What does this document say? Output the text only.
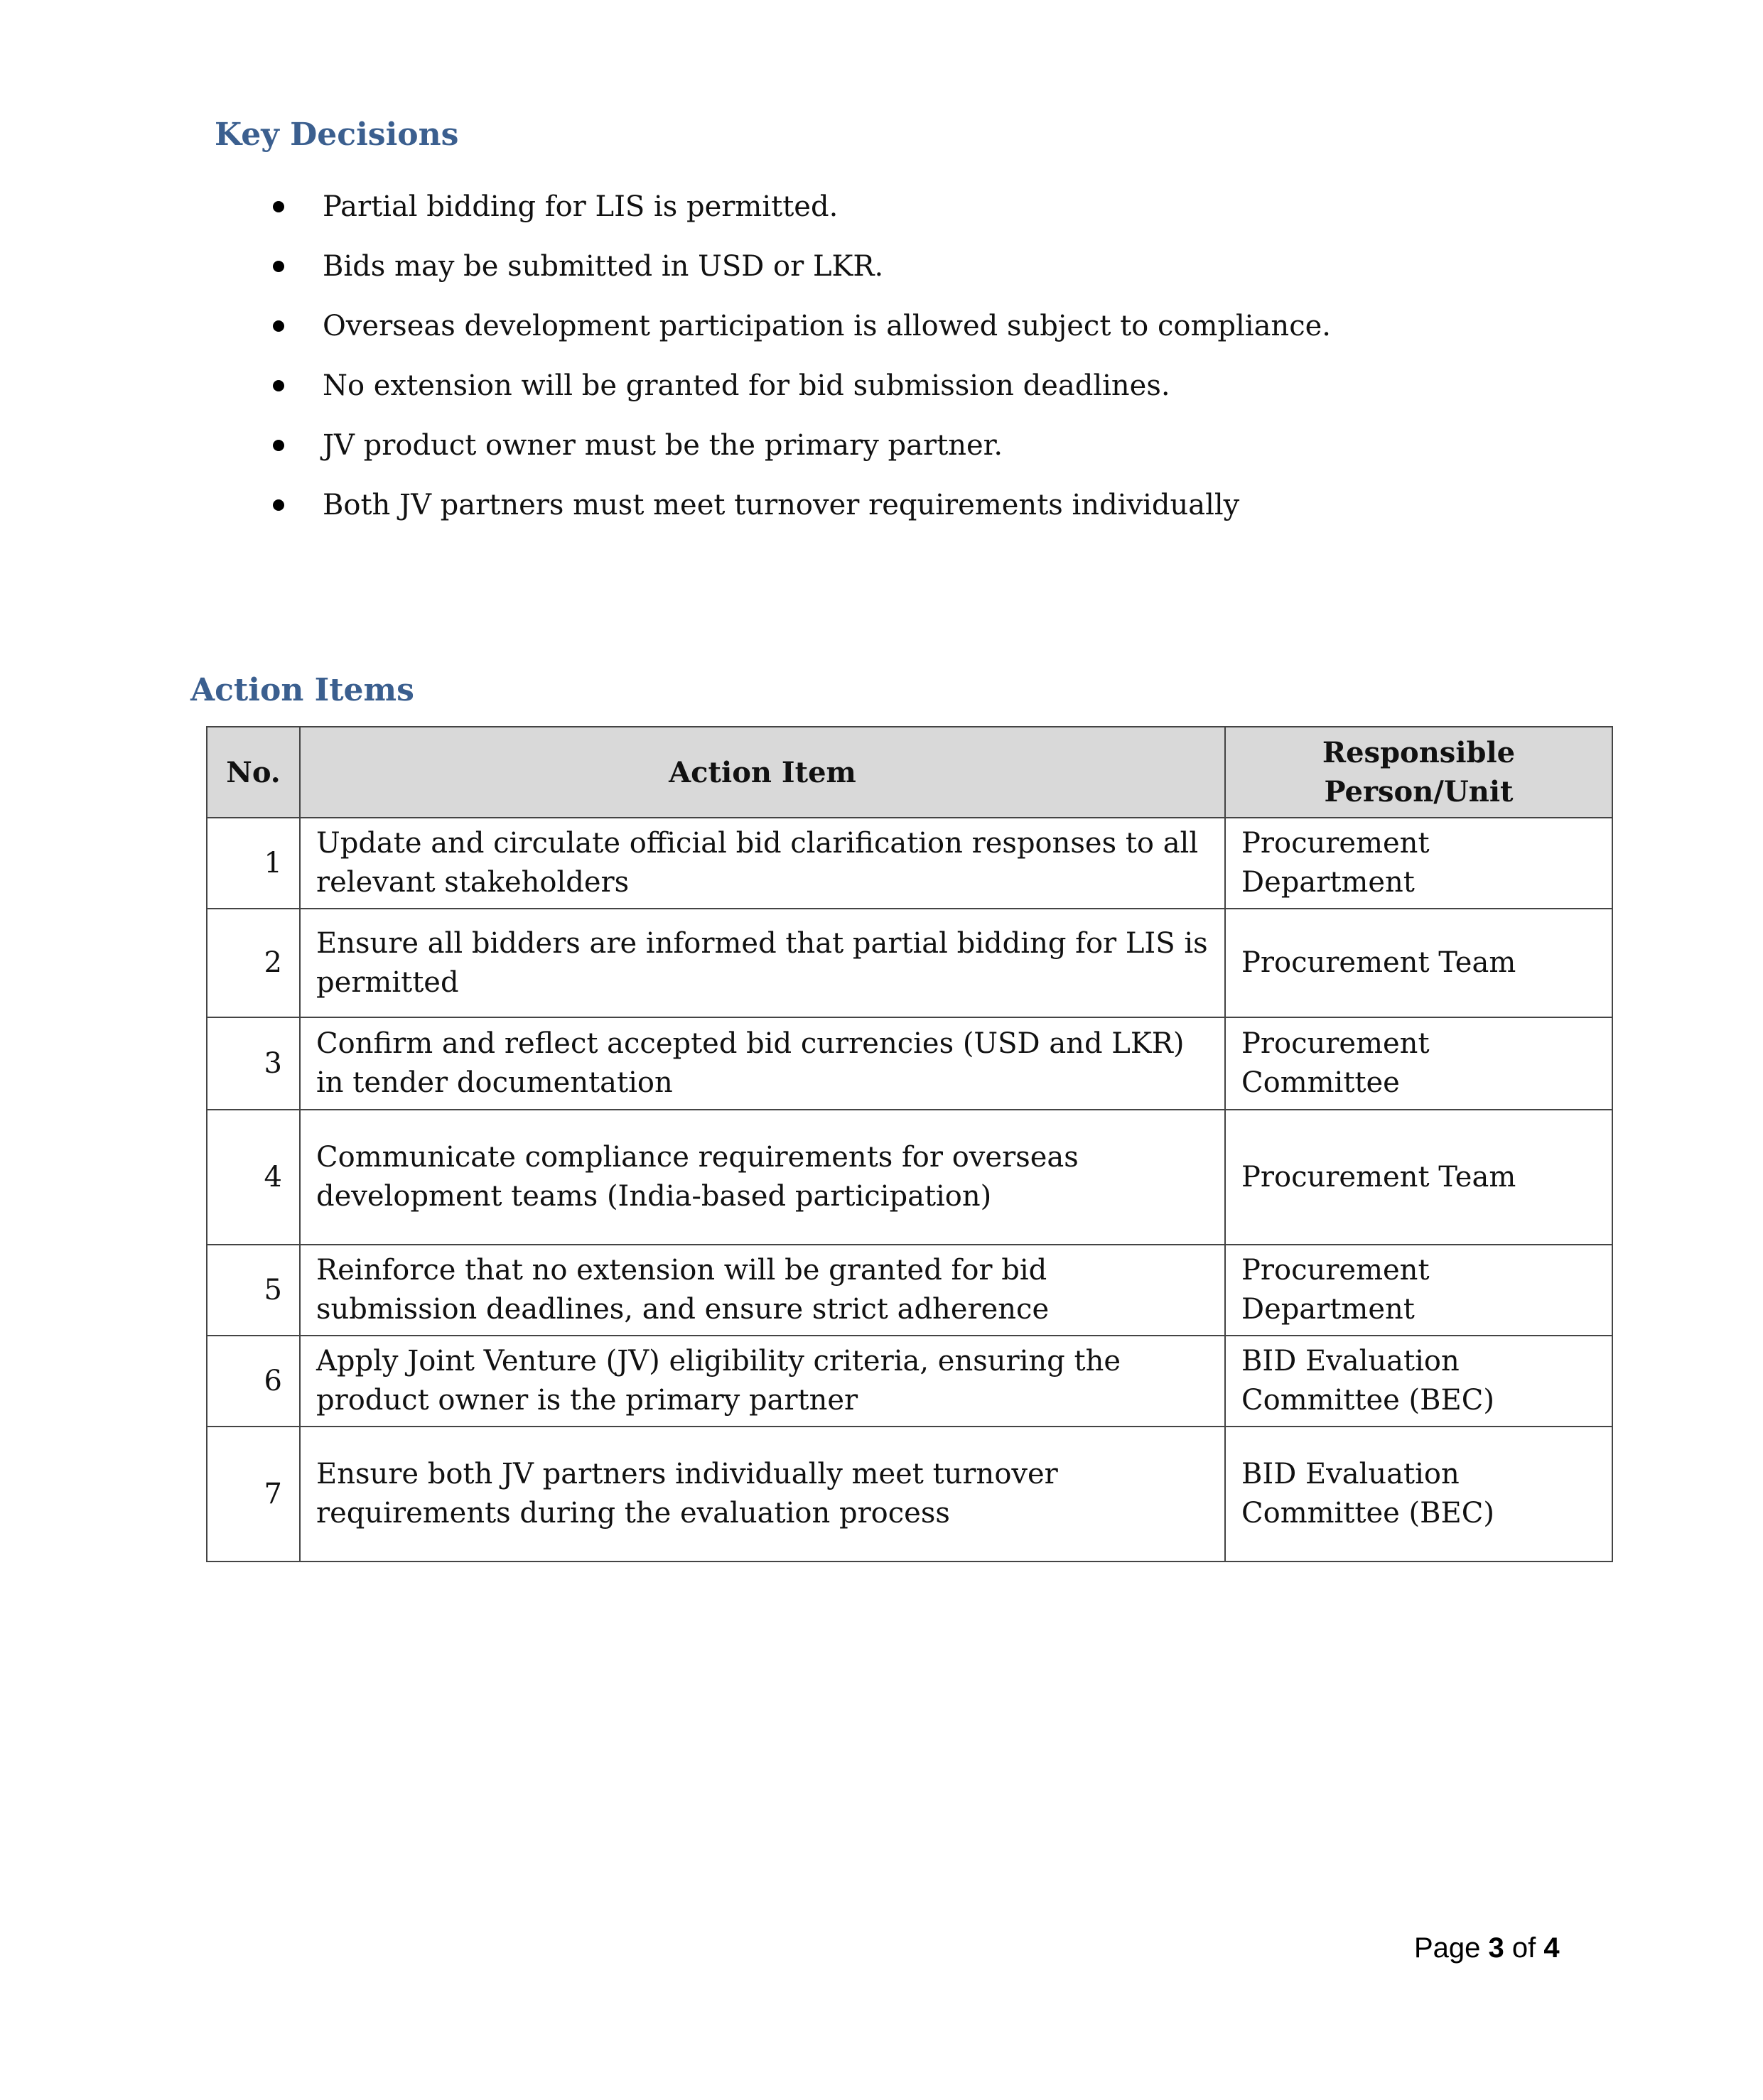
Key Decisions
Partial bidding for LIS is permitted.
Bids may be submitted in USD or LKR.
Overseas development participation is allowed subject to compliance.
No extension will be granted for bid submission deadlines.
JV product owner must be the primary partner.
Both JV partners must meet turnover requirements individually
Action Items
No.	Action Item	Responsible Person/Unit
1	Update and circulate official bid clarification responses to all relevant stakeholders	Procurement Department
2	Ensure all bidders are informed that partial bidding for LIS is permitted	Procurement Team
3	Confirm and reflect accepted bid currencies (USD and LKR) in tender documentation	Procurement Committee
4	Communicate compliance requirements for overseas development teams (India-based participation)	Procurement Team
5	Reinforce that no extension will be granted for bid submission deadlines, and ensure strict adherence	Procurement Department
6	Apply Joint Venture (JV) eligibility criteria, ensuring the product owner is the primary partner	BID Evaluation Committee (BEC)
7	Ensure both JV partners individually meet turnover requirements during the evaluation process	BID Evaluation Committee (BEC)
Page 3 of 4
